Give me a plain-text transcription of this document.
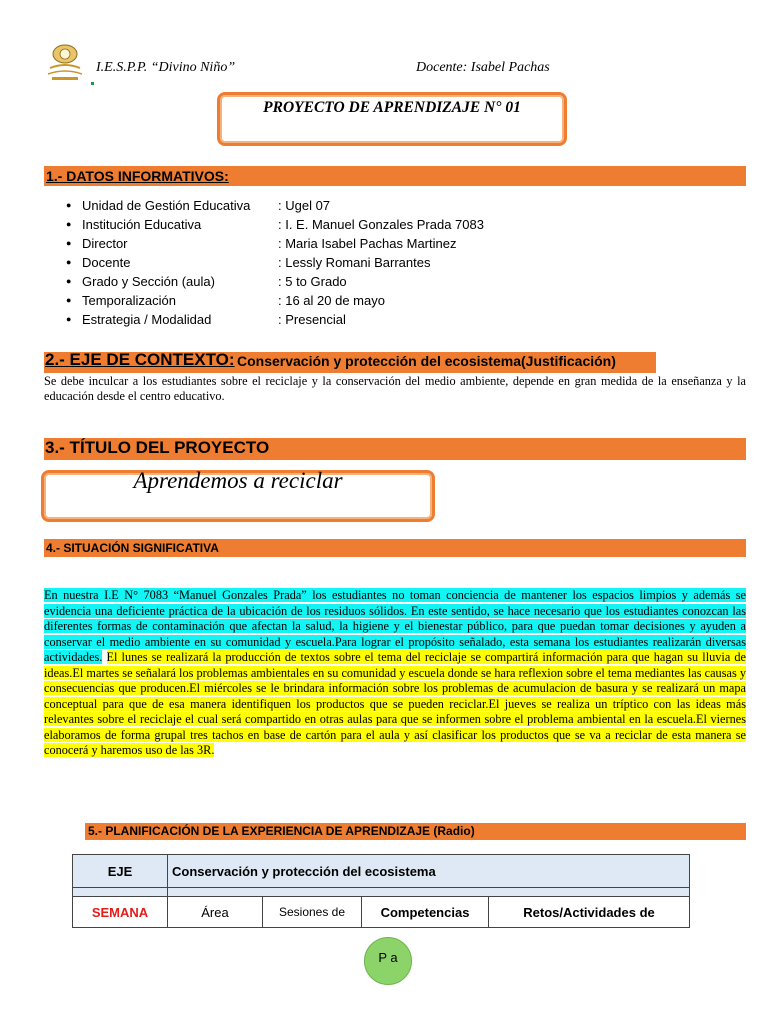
I.E.S.P.P. “Divino Niño”	Docente: Isabel Pachas
PROYECTO DE APRENDIZAJE N° 01
1.- DATOS INFORMATIVOS:
● Unidad de Gestión Educativa : Ugel 07
● Institución Educativa	: I. E. Manuel Gonzales Prada 7083
● Director	: Maria Isabel Pachas Martinez
● Docente	: Lessly Romani Barrantes
● Grado y Sección (aula)	: 5 to Grado
● Temporalización	: 16 al 20 de mayo
● Estrategia / Modalidad	: Presencial
2.- EJE DE CONTEXTO: Conservación y protección del ecosistema(Justificación)
Se debe inculcar a los estudiantes sobre el reciclaje y la conservación del medio ambiente, depende en gran medida de la enseñanza y la educación desde el centro educativo.
3.- TÍTULO DEL PROYECTO
Aprendemos a reciclar
4.- SITUACIÓN SIGNIFICATIVA
En nuestra I.E N° 7083 “Manuel Gonzales Prada” los estudiantes no toman conciencia de mantener los espacios limpios y además se evidencia una deficiente práctica de la ubicación de los residuos sólidos. En este sentido, se hace necesario que los estudiantes conozcan las diferentes formas de contaminación que afectan la salud, la higiene y el bienestar público, para que puedan tomar decisiones y ayuden a conservar el medio ambiente en su comunidad y escuela.Para lograr el propósito señalado, esta semana los estudiantes realizarán diversas actividades. El lunes se realizará la producción de textos sobre el tema del reciclaje se compartirá información para que hagan su lluvia de ideas.El martes se señalará los problemas ambientales en su comunidad y escuela donde se hara reflexion sobre el tema mediantes las causas y consecuencias que producen.El miércoles se le brindara información sobre los problemas de acumulacion de basura y se realizará un mapa conceptual para que de esa manera identifiquen los productos que se pueden reciclar.El jueves se realiza un tríptico con las ideas más relevantes sobre el reciclaje el cual será compartido en otras aulas para que se informen sobre el problema ambiental en la escuela.El viernes elaboramos de forma grupal tres tachos en base de cartón para el aula y así clasificar los productos que se va a reciclar de esta manera se conocerá y haremos uso de las 3R.
5.- PLANIFICACIÓN DE LA EXPERIENCIA DE APRENDIZAJE (Radio)
EJE	Conservación y protección del ecosistema			

SEMANA	Área	Sesiones de	Competencias	Retos/Actividades de
P a
